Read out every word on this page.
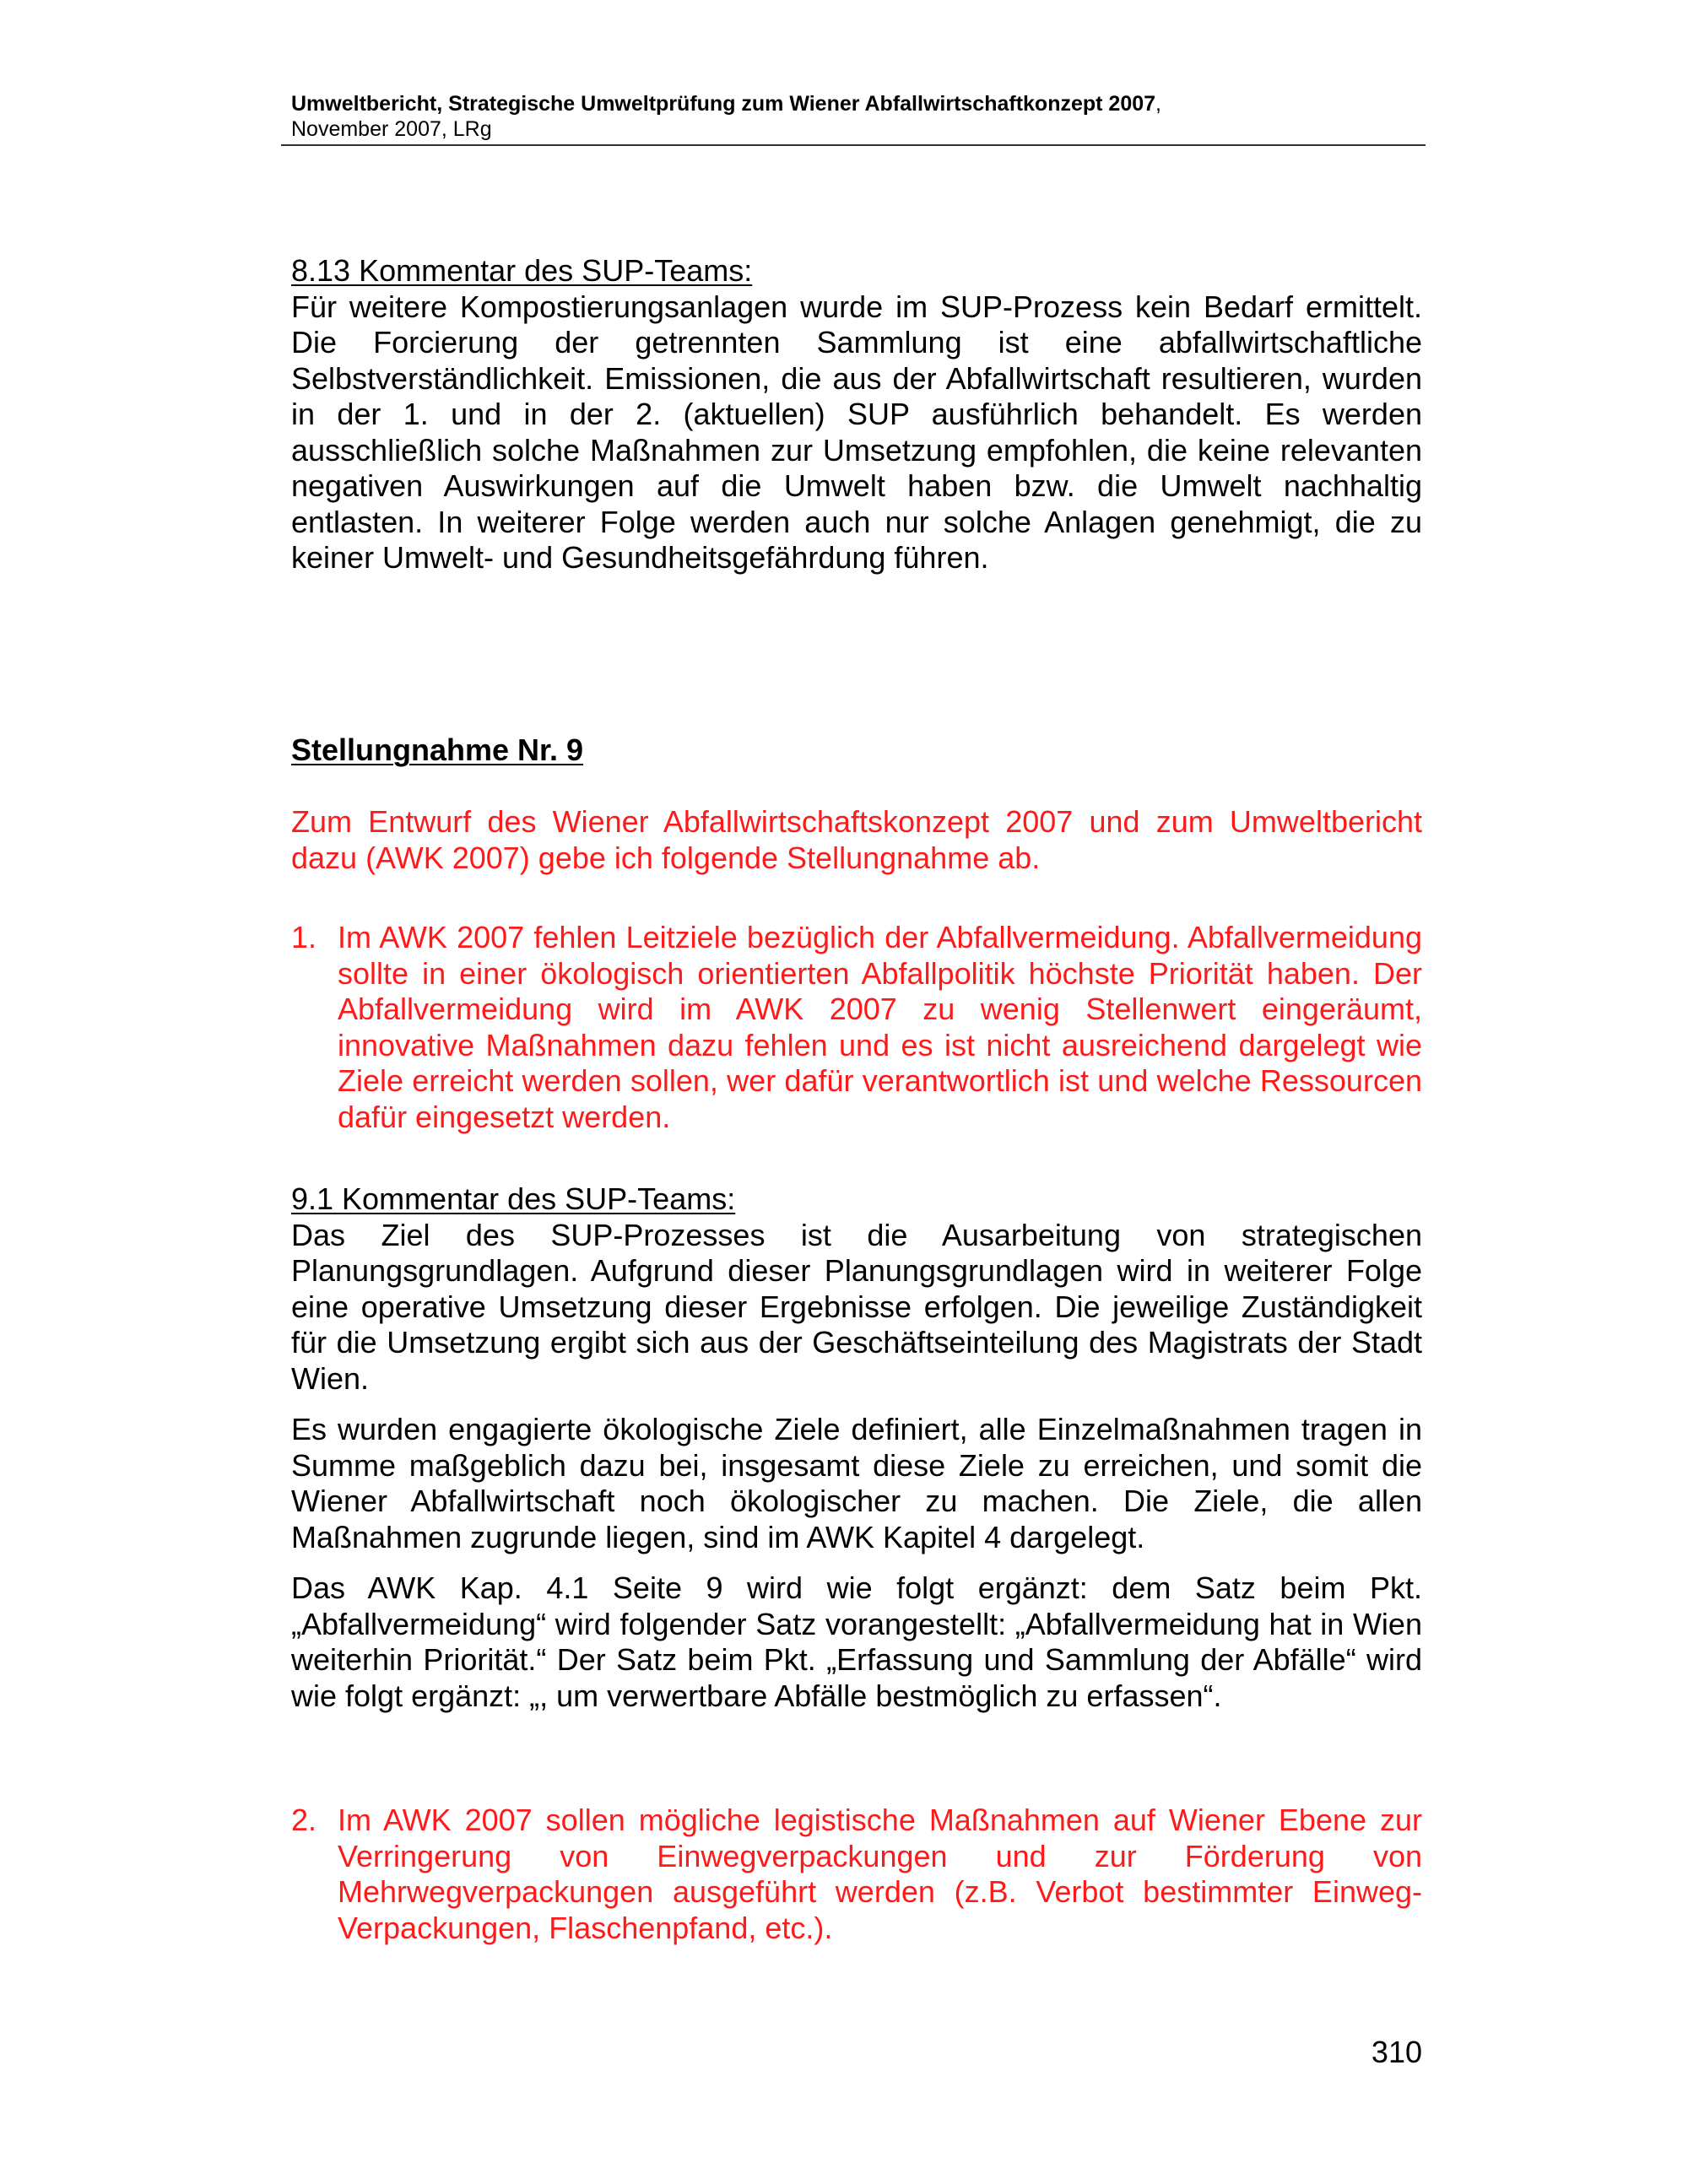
Umweltbericht, Strategische Umweltprüfung zum Wiener Abfallwirtschaftkonzept 2007,
November 2007, LRg

8.13 Kommentar des SUP-Teams:

Für weitere Kompostierungsanlagen wurde im SUP-Prozess kein Bedarf ermittelt. Die Forcierung der getrennten Sammlung ist eine abfallwirtschaftliche Selbstverständlichkeit. Emissionen, die aus der Abfallwirtschaft resultieren, wurden in der 1. und in der 2. (aktuellen) SUP ausführlich behandelt. Es werden ausschließlich solche Maßnahmen zur Umsetzung empfohlen, die keine relevanten negativen Auswirkungen auf die Umwelt haben bzw. die Umwelt nachhaltig entlasten. In weiterer Folge werden auch nur solche Anlagen genehmigt, die zu keiner Umwelt- und Gesundheitsgefährdung führen.

Stellungnahme Nr. 9

Zum Entwurf des Wiener Abfallwirtschaftskonzept 2007 und zum Umweltbericht dazu (AWK 2007) gebe ich folgende Stellungnahme ab.

1. Im AWK 2007 fehlen Leitziele bezüglich der Abfallvermeidung. Abfallvermeidung sollte in einer ökologisch orientierten Abfallpolitik höchste Priorität haben. Der Abfallvermeidung wird im AWK 2007 zu wenig Stellenwert eingeräumt, innovative Maßnahmen dazu fehlen und es ist nicht ausreichend dargelegt wie Ziele erreicht werden sollen, wer dafür verantwortlich ist und welche Ressourcen dafür eingesetzt werden.

9.1 Kommentar des SUP-Teams:

Das Ziel des SUP-Prozesses ist die Ausarbeitung von strategischen Planungsgrundlagen. Aufgrund dieser Planungsgrundlagen wird in weiterer Folge eine operative Umsetzung dieser Ergebnisse erfolgen. Die jeweilige Zuständigkeit für die Umsetzung ergibt sich aus der Geschäftseinteilung des Magistrats der Stadt Wien.

Es wurden engagierte ökologische Ziele definiert, alle Einzelmaßnahmen tragen in Summe maßgeblich dazu bei, insgesamt diese Ziele zu erreichen, und somit die Wiener Abfallwirtschaft noch ökologischer zu machen. Die Ziele, die allen Maßnahmen zugrunde liegen, sind im AWK Kapitel 4 dargelegt.

Das AWK Kap. 4.1 Seite 9 wird wie folgt ergänzt: dem Satz beim Pkt. „Abfallvermeidung“ wird folgender Satz vorangestellt: „Abfallvermeidung hat in Wien weiterhin Priorität.“ Der Satz beim Pkt. „Erfassung und Sammlung der Abfälle“ wird wie folgt ergänzt: „, um verwertbare Abfälle bestmöglich zu erfassen“.

2. Im AWK 2007 sollen mögliche legistische Maßnahmen auf Wiener Ebene zur Verringerung von Einwegverpackungen und zur Förderung von Mehrwegverpackungen ausgeführt werden (z.B. Verbot bestimmter Einweg- Verpackungen, Flaschenpfand, etc.).
310
